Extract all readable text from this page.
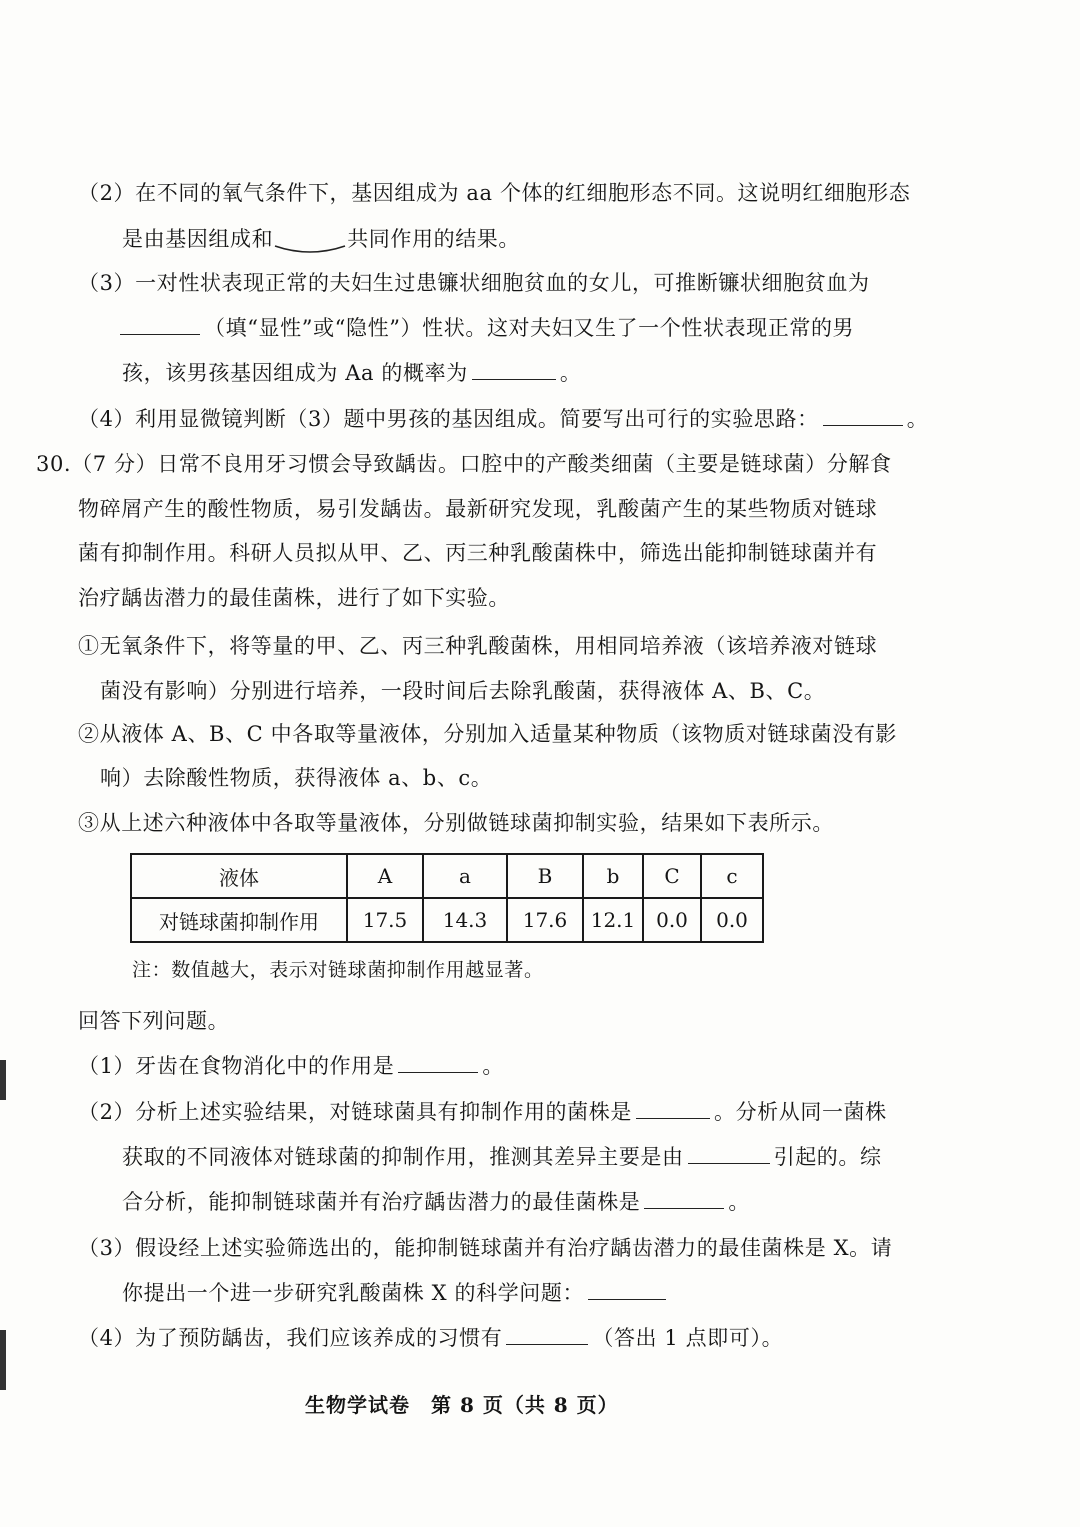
（2）在不同的氧气条件下，基因组成为 aa 个体的红细胞形态不同。这说明红细胞形态
是由基因组成和	共同作用的结果。
（3）一对性状表现正常的夫妇生过患镰状细胞贫血的女儿，可推断镰状细胞贫血为
（填“显性”或“隐性”）性状。这对夫妇又生了一个性状表现正常的男
孩，该男孩基因组成为 Aa 的概率为	。
（4）利用显微镜判断（3）题中男孩的基因组成。简要写出可行的实验思路：	。
30.（7 分）日常不良用牙习惯会导致龋齿。口腔中的产酸类细菌（主要是链球菌）分解食
物碎屑产生的酸性物质，易引发龋齿。最新研究发现，乳酸菌产生的某些物质对链球
菌有抑制作用。科研人员拟从甲、乙、丙三种乳酸菌株中，筛选出能抑制链球菌并有
治疗龋齿潜力的最佳菌株，进行了如下实验。
①无氧条件下，将等量的甲、乙、丙三种乳酸菌株，用相同培养液（该培养液对链球
菌没有影响）分别进行培养，一段时间后去除乳酸菌，获得液体 A、B、C。
②从液体 A、B、C 中各取等量液体，分别加入适量某种物质（该物质对链球菌没有影
响）去除酸性物质，获得液体 a、b、c。
③从上述六种液体中各取等量液体，分别做链球菌抑制实验，结果如下表所示。
液体	A	a	B	b	C	c
对链球菌抑制作用	17.5	14.3	17.6	12.1	0.0	0.0
注：数值越大，表示对链球菌抑制作用越显著。
回答下列问题。
（1）牙齿在食物消化中的作用是	。
（2）分析上述实验结果，对链球菌具有抑制作用的菌株是	。分析从同一菌株
获取的不同液体对链球菌的抑制作用，推测其差异主要是由	引起的。综
合分析，能抑制链球菌并有治疗龋齿潜力的最佳菌株是	。
（3）假设经上述实验筛选出的，能抑制链球菌并有治疗龋齿潜力的最佳菌株是 X。请
你提出一个进一步研究乳酸菌株 X 的科学问题：
（4）为了预防龋齿，我们应该养成的习惯有	（答出 1 点即可）。
生物学试卷　第 8 页（共 8 页）
